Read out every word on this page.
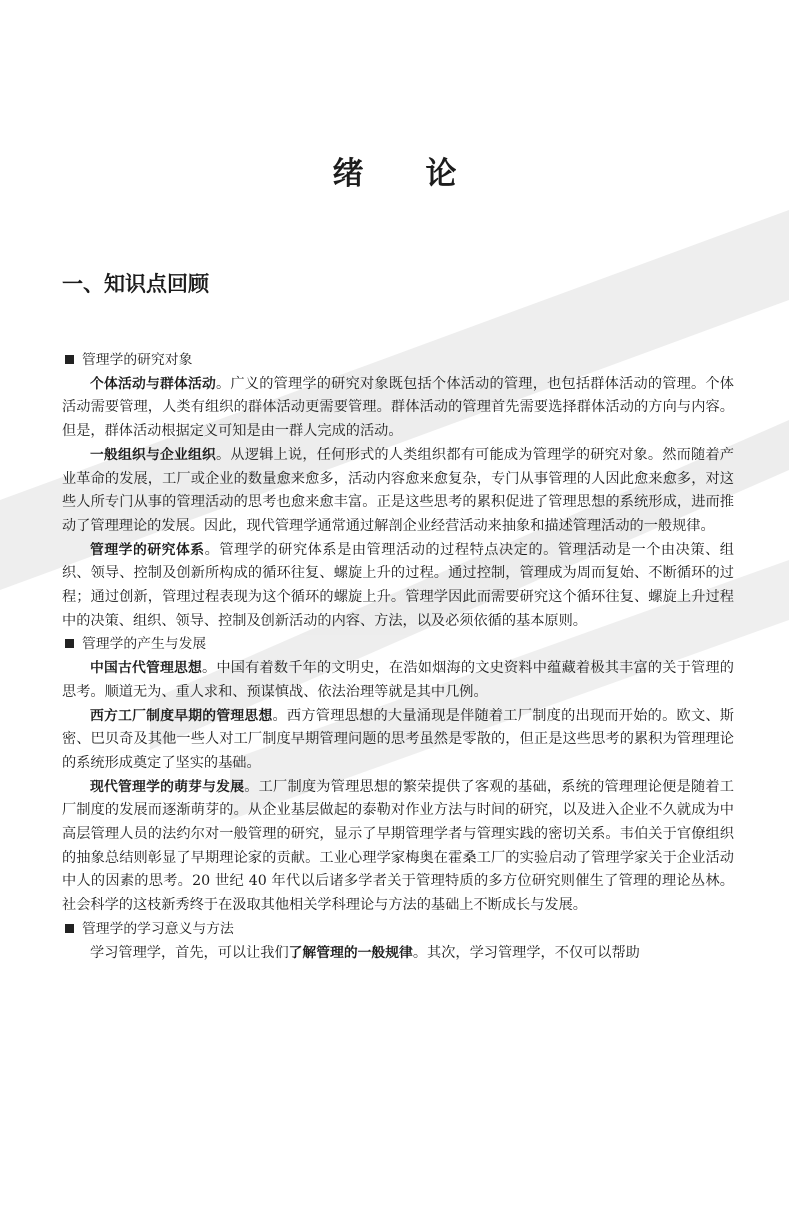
绪论
一、知识点回顾

管理学的研究对象

个体活动与群体活动。广义的管理学的研究对象既包括个体活动的管理，也包括群体活动的管理。个体活动需要管理，人类有组织的群体活动更需要管理。群体活动的管理首先需要选择群体活动的方向与内容。但是，群体活动根据定义可知是由一群人完成的活动。

一般组织与企业组织。从逻辑上说，任何形式的人类组织都有可能成为管理学的研究对象。然而随着产业革命的发展，工厂或企业的数量愈来愈多，活动内容愈来愈复杂，专门从事管理的人因此愈来愈多，对这些人所专门从事的管理活动的思考也愈来愈丰富。正是这些思考的累积促进了管理思想的系统形成，进而推动了管理理论的发展。因此，现代管理学通常通过解剖企业经营活动来抽象和描述管理活动的一般规律。

管理学的研究体系。管理学的研究体系是由管理活动的过程特点决定的。管理活动是一个由决策、组织、领导、控制及创新所构成的循环往复、螺旋上升的过程。通过控制，管理成为周而复始、不断循环的过程；通过创新，管理过程表现为这个循环的螺旋上升。管理学因此而需要研究这个循环往复、螺旋上升过程中的决策、组织、领导、控制及创新活动的内容、方法，以及必须依循的基本原则。

管理学的产生与发展

中国古代管理思想。中国有着数千年的文明史，在浩如烟海的文史资料中蕴藏着极其丰富的关于管理的思考。顺道无为、重人求和、预谋慎战、依法治理等就是其中几例。

西方工厂制度早期的管理思想。西方管理思想的大量涌现是伴随着工厂制度的出现而开始的。欧文、斯密、巴贝奇及其他一些人对工厂制度早期管理问题的思考虽然是零散的，但正是这些思考的累积为管理理论的系统形成奠定了坚实的基础。

现代管理学的萌芽与发展。工厂制度为管理思想的繁荣提供了客观的基础，系统的管理理论便是随着工厂制度的发展而逐渐萌芽的。从企业基层做起的泰勒对作业方法与时间的研究，以及进入企业不久就成为中高层管理人员的法约尔对一般管理的研究，显示了早期管理学者与管理实践的密切关系。韦伯关于官僚组织的抽象总结则彰显了早期理论家的贡献。工业心理学家梅奥在霍桑工厂的实验启动了管理学家关于企业活动中人的因素的思考。20 世纪 40 年代以后诸多学者关于管理特质的多方位研究则催生了管理的理论丛林。社会科学的这枝新秀终于在汲取其他相关学科理论与方法的基础上不断成长与发展。

管理学的学习意义与方法

学习管理学，首先，可以让我们了解管理的一般规律。其次，学习管理学，不仅可以帮助
